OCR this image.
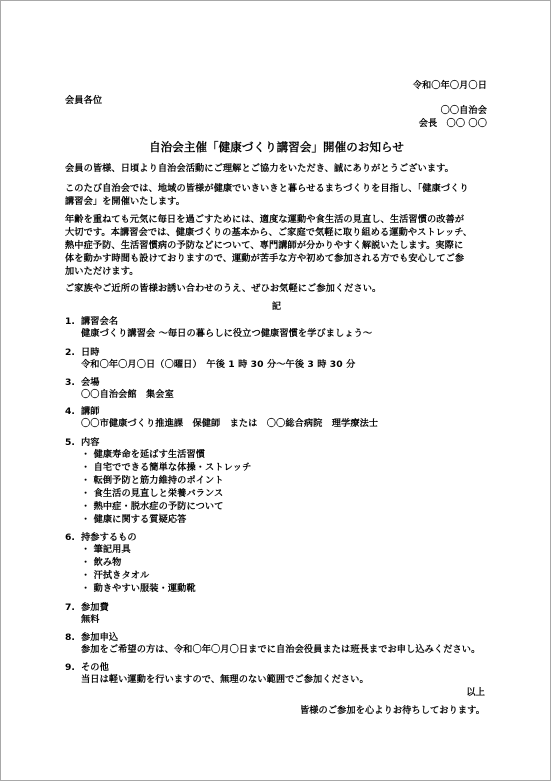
令和〇年〇月〇日
会員各位
〇〇自治会
会長　〇〇 〇〇
自治会主催「健康づくり講習会」開催のお知らせ
会員の皆様、日頃より自治会活動にご理解とご協力をいただき、誠にありがとうございます。
このたび自治会では、地域の皆様が健康でいきいきと暮らせるまちづくりを目指し、「健康づくり
講習会」を開催いたします。
年齢を重ねても元気に毎日を過ごすためには、適度な運動や食生活の見直し、生活習慣の改善が
大切です。本講習会では、健康づくりの基本から、ご家庭で気軽に取り組める運動やストレッチ、
熱中症予防、生活習慣病の予防などについて、専門講師が分かりやすく解説いたします。実際に
体を動かす時間も設けておりますので、運動が苦手な方や初めて参加される方でも安心してご参
加いただけます。
ご家族やご近所の皆様お誘い合わせのうえ、ぜひお気軽にご参加ください。
記
1. 講習会名
健康づくり講習会 ～毎日の暮らしに役立つ健康習慣を学びましょう～
2. 日時
令和〇年〇月〇日（〇曜日）　午後 1 時 30 分～午後 3 時 30 分
3. 会場
〇〇自治会館　集会室
4. 講師
〇〇市健康づくり推進課　保健師　または　〇〇総合病院　理学療法士
5. 内容
・ 健康寿命を延ばす生活習慣
・ 自宅でできる簡単な体操・ストレッチ
・ 転倒予防と筋力維持のポイント
・ 食生活の見直しと栄養バランス
・ 熱中症・脱水症の予防について
・ 健康に関する質疑応答
6. 持参するもの
・ 筆記用具
・ 飲み物
・ 汗拭きタオル
・ 動きやすい服装・運動靴
7. 参加費
無料
8. 参加申込
参加をご希望の方は、令和〇年〇月〇日までに自治会役員または班長までお申し込みください。
9. その他
当日は軽い運動を行いますので、無理のない範囲でご参加ください。
以上
皆様のご参加を心よりお待ちしております。
